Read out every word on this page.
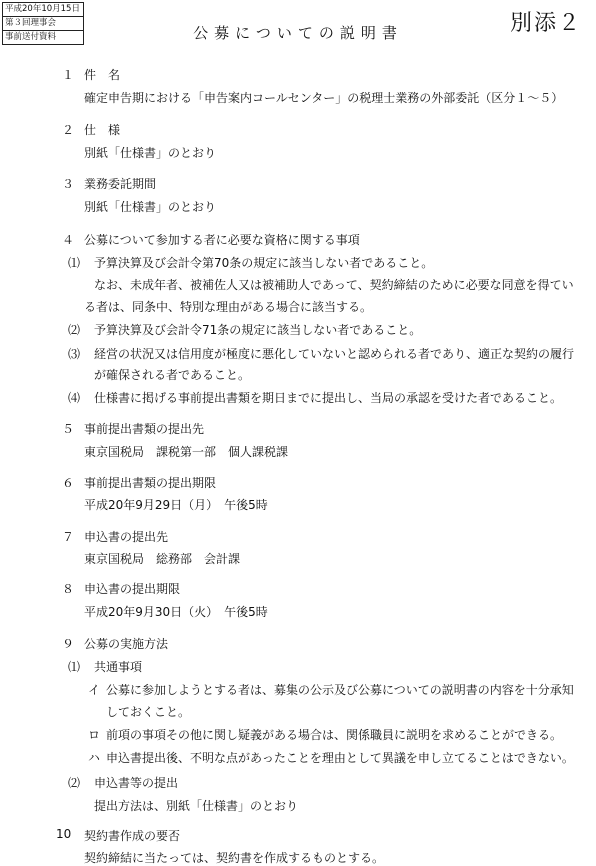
平成20年10月15日
第３回理事会
事前送付資料
別添２
公募についての説明書
１ 件　名
確定申告期における「申告案内コールセンター」の税理士業務の外部委託（区分１～５）
２ 仕　様
別紙「仕様書」のとおり
３ 業務委託期間
別紙「仕様書」のとおり
４ 公募について参加する者に必要な資格に関する事項
⑴ 予算決算及び会計令第70条の規定に該当しない者であること。
なお、未成年者、被補佐人又は被補助人であって、契約締結のために必要な同意を得てい
る者は、同条中、特別な理由がある場合に該当する。
⑵ 予算決算及び会計令71条の規定に該当しない者であること。
⑶ 経営の状況又は信用度が極度に悪化していないと認められる者であり、適正な契約の履行
が確保される者であること。
⑷ 仕様書に掲げる事前提出書類を期日までに提出し、当局の承認を受けた者であること。
５ 事前提出書類の提出先
東京国税局　課税第一部　個人課税課
６ 事前提出書類の提出期限
平成20年9月29日（月）　午後5時
７ 申込書の提出先
東京国税局　総務部　会計課
８ 申込書の提出期限
平成20年9月30日（火）　午後5時
９ 公募の実施方法
⑴ 共通事項
イ 公募に参加しようとする者は、募集の公示及び公募についての説明書の内容を十分承知
しておくこと。
ロ 前項の事項その他に関し疑義がある場合は、関係職員に説明を求めることができる。
ハ 申込書提出後、不明な点があったことを理由として異議を申し立てることはできない。
⑵ 申込書等の提出
提出方法は、別紙「仕様書」のとおり
10 契約書作成の要否
契約締結に当たっては、契約書を作成するものとする。
